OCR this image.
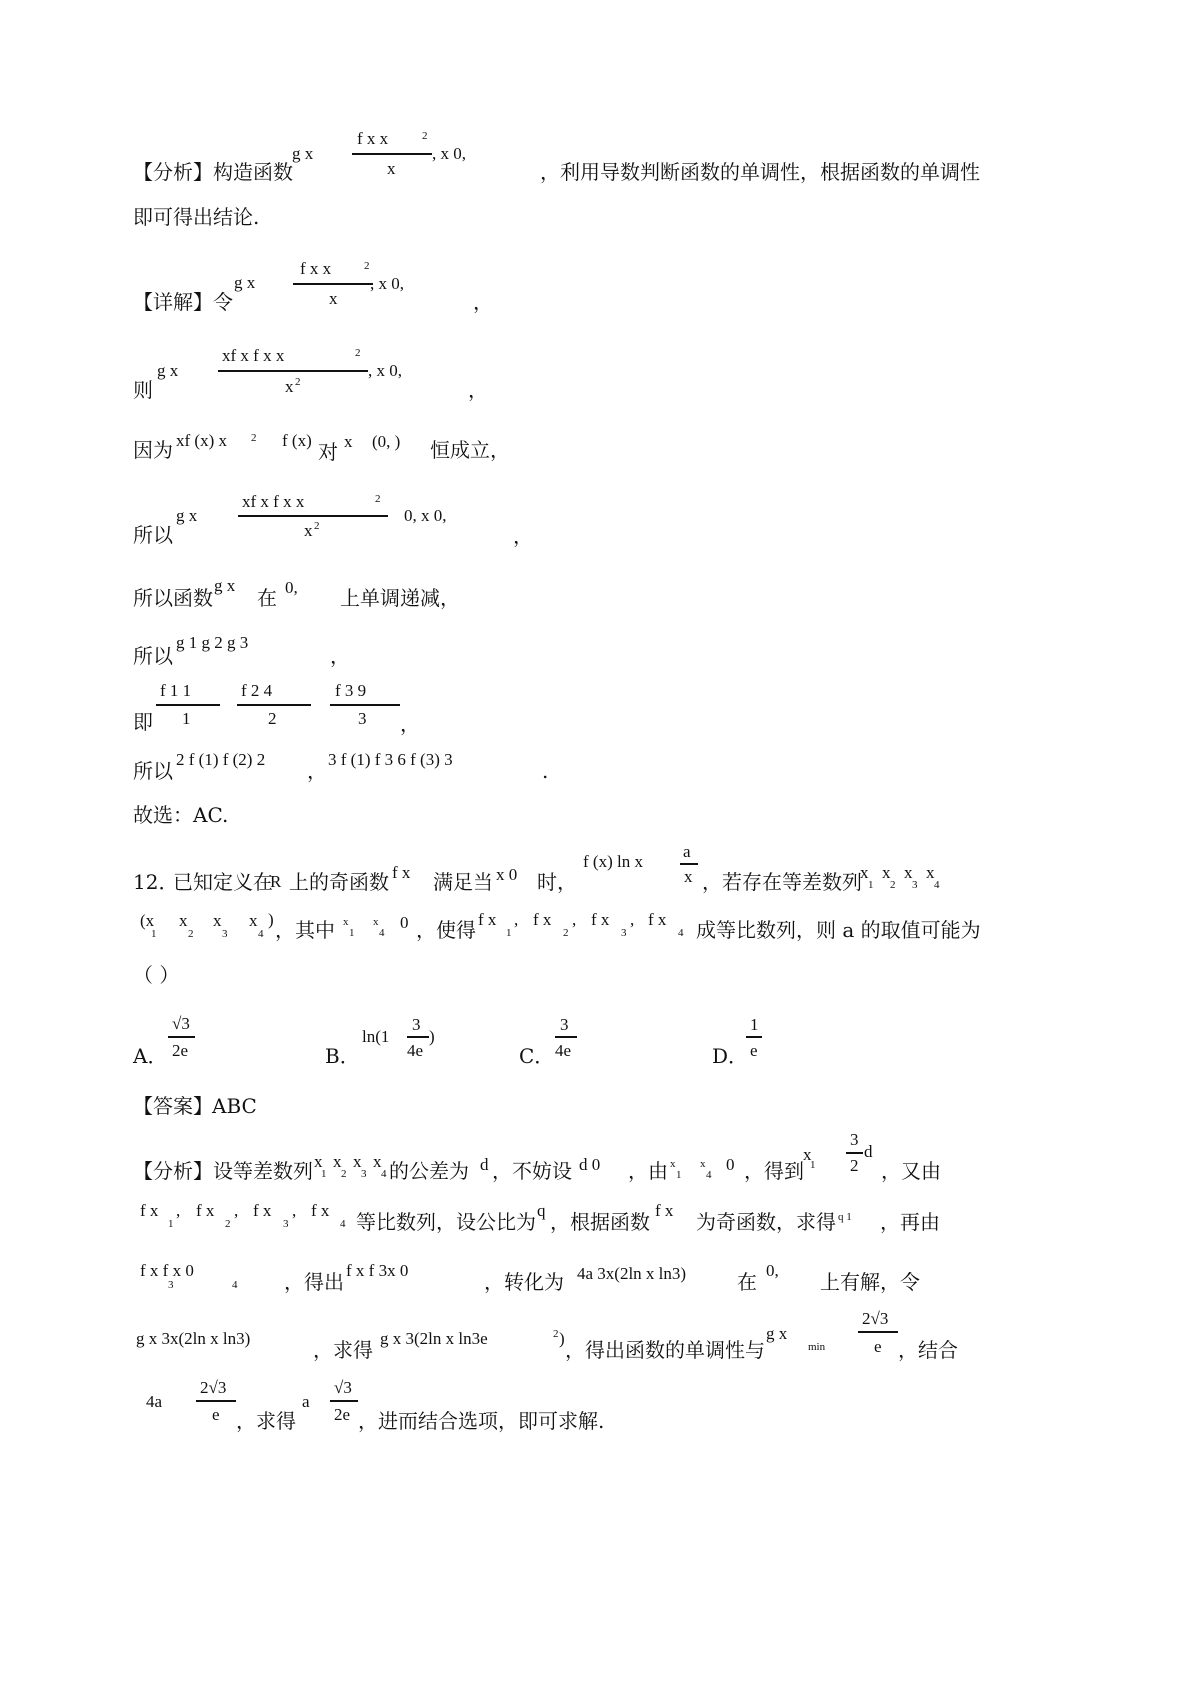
【分析】构造函数
g x
f x x	2
x
, x 0,
，利用导数判断函数的单调性，根据函数的单调性
即可得出结论.
【详解】令
g x
f x x	2
x
, x 0,
，
则
g x
xf x f x x	2
x 2
, x 0,
，
因为 xf (x) x 2 f (x) 对 x (0, ) 恒成立，
所以
g x
xf x f x x	2
x 2
0, x 0,
，
所以函数
g x
在 0, 上单调递减，
所以
g 1 g 2 g 3
，
即
f 1 1
1
f 2 4
2
f 3 9
3 ，
所以 2 f (1) f (2) 2 ， 3 f (1) f 3 6 f (3) 3	.
故选：AC.
12．
已知定义在
R 上的奇函数 f x 满足当 x 0 时，
f (x) ln x
a
x ，若存在等差数列
x
1
x
2
x
3
x
4
(x
1
x
2
x
3
x
4
) ，其中 x
1
x
4
0 ，使得 f x
1
, f x
2
, f x
3
, f x
4 成等比数列，则 a 的取值可能为
（ ）
A．
√3
2e	B．
ln(1
3
4e
)
C．
3
4e	D．
1
e
【答案】 ABC
【分析】设等差数列 x
1
x
2
x
3
x
4 的公差为 d ，不妨设 d 0 ，由 x
1
x
4
0 ，得到
x
1
3
2
d
，又由
f x
1
, f x
2
, f x
3
, f x
4 等比数列，设公比为 q ，根据函数 f x 为奇函数，求得 q 1 ，再由
f x f x 0
3	4 ，得出 f x f 3x 0	，转化为 4a 3x(2ln x ln3)	在 0, 上有解，令
g x 3x(2ln x ln3)	，求得 g x 3(2ln x ln3e	2 ) ，得出函数的单调性与
g x
min
2√3
e ，结合
4a
2√3
e ，求得
a
√3
2e ，进而结合选项，即可求解.
